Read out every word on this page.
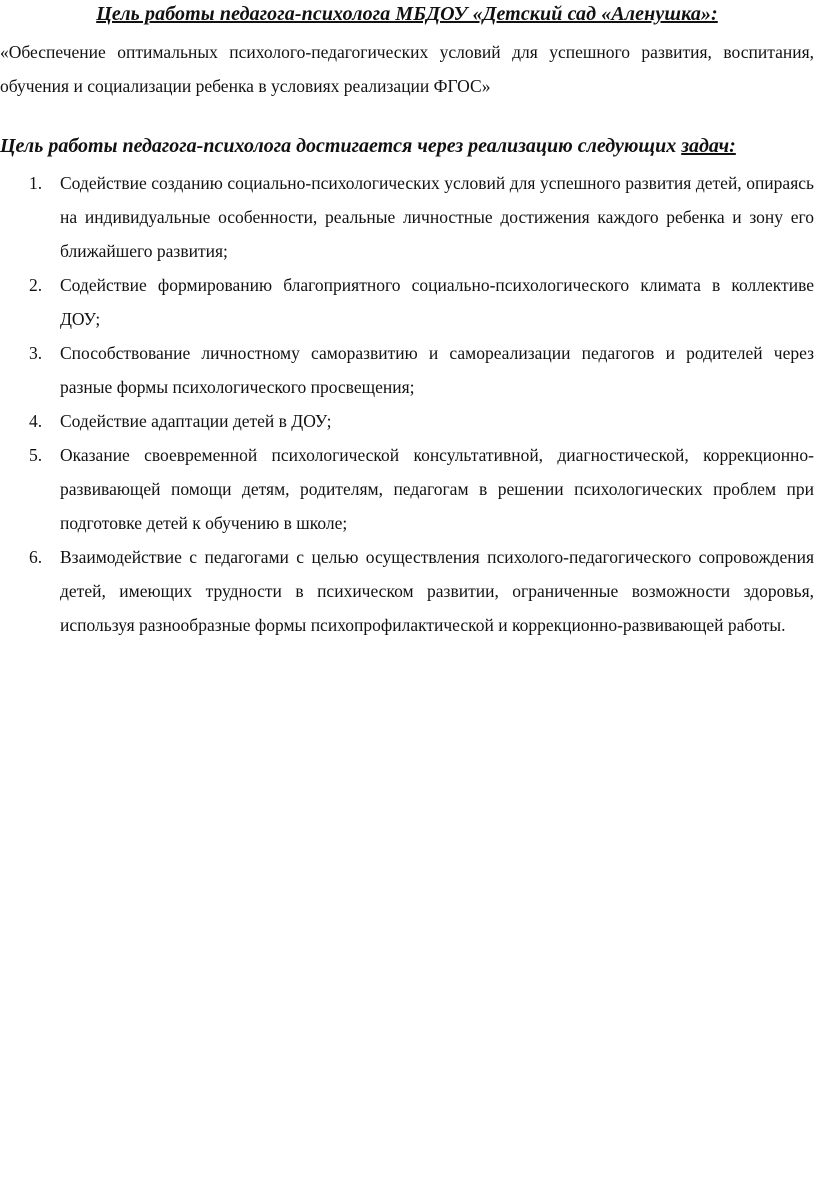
Цель работы педагога-психолога МБДОУ «Детский сад «Аленушка»:

«Обеспечение оптимальных психолого-педагогических условий для успешного развития, воспитания, обучения и социализации ребенка в условиях реализации ФГОС»

Цель работы педагога-психолога достигается через реализацию следующих задач:

1. Содействие созданию социально-психологических условий для успешного развития детей, опираясь на индивидуальные особенности, реальные личностные достижения каждого ребенка и зону его ближайшего развития;
2. Содействие формированию благоприятного социально-психологического климата в коллективе ДОУ;
3. Способствование личностному саморазвитию и самореализации педагогов и родителей через разные формы психологического просвещения;
4. Содействие адаптации детей в ДОУ;
5. Оказание своевременной психологической консультативной, диагностической, коррекционно-развивающей помощи детям, родителям, педагогам в решении психологических проблем при подготовке детей к обучению в школе;
6. Взаимодействие с педагогами с целью осуществления психолого-педагогического сопровождения детей, имеющих трудности в психическом развитии, ограниченные возможности здоровья, используя разнообразные формы психопрофилактической и коррекционно-развивающей работы.
